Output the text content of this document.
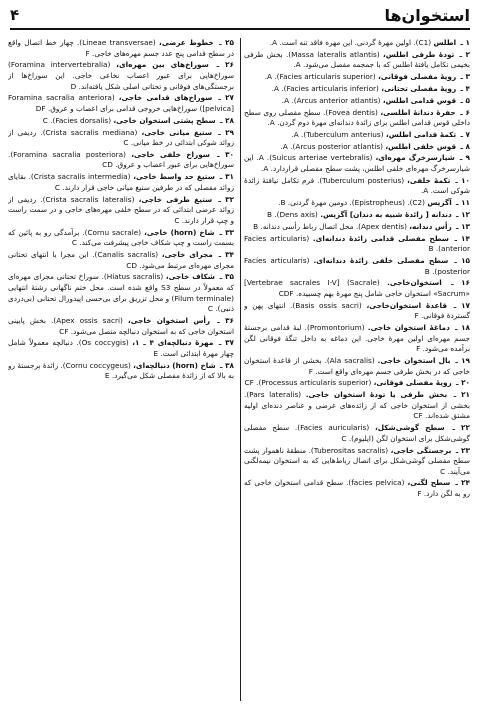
استخوان‌ها
۴

۱ ـ اطلس (C1). اولین مهرهٔ گردنی. این مهره فاقد تنه است. A.

۲ ـ تودهٔ طرفی اطلس، (Massa lateralis atlantis). بخش طرفی بخیمی تکامل یافتهٔ اطلس که با جمجمه مفصل می‌شود. A.

۳ ـ رویهٔ مفصلی فوقانی، (Facies articularis superior). A.

۴ ـ رویهٔ مفصلی تحتانی، (Facies articularis inferior). A.

۵ ـ قوس قدامی اطلس، (Arcus anterior atlantis). A.

۶ ـ حفرهٔ دندانهٔ اطلسی، (Fovea dentis). سطح مفصلی روی سطح داخلی قوس قدامی اطلس برای زائدهٔ دندانه‌ای مهرهٔ دوم گردن. A.

۷ ـ تکمهٔ قدامی اطلس، (Tuberculum anterius). A.

۸ ـ قوس خلفی اطلس، (Arcus posterior atlantis). A.

۹ ـ شیارسرخرگ مهره‌ای، (Sulcus arteriae vertebralis). A. این شیارسرخرگ مهره‌ای خلفی اطلس، پشت سطح مفصلی قراردارد. A.

۱۰ ـ تکمهٔ خلفی، (Tuberculum posterius). فرم تکامل نیافتهٔ زائدهٔ شوکی است. A.

۱۱ ـ آگزیس (C2). (Epistropheus). دومین مهرهٔ گردنی. B.

۱۲ ـ دندانه [ زائدهٔ شبیه به دندان] آگزیس. (Dens axis). B

۱۳ ـ رأس دندانه، (Apex dentis). محل اتصال رباط رأسی دندانه. B

۱۴ ـ سطح مفصلی قدامی زائدهٔ دندانه‌ای. (Facies articularis anterior). B

۱۵ ـ سطح مفصلی خلفی زائدهٔ دندانه‌ای. (Facies articularis posterior). B

۱۶ ـ استخوان‌خاجی. (Sacrale) [Vertebrae sacrales I-V] «Sacrum» استخوان خاجی شامل پنج مهرهٔ بهم چسبیده. CDF

۱۷ ـ قاعدهٔ استخوان‌خاجی، (Basis ossis sacri). انتهای پهن و گستردهٔ فوقانی. F

۱۸ ـ دماغهٔ استخوان خاجی. (Promontorium). لبهٔ قدامی برجستهٔ جسم مهره‌ای اولین مهرهٔ خاجی. این دماغه به داخل تنگهٔ فوقانی لگن برآمده می‌شود. F

۱۹ ـ بال استخوان خاجی. (Ala sacralis). بخشی از قاعدهٔ استخوان خاجی که در بخش طرفی جسم مهره‌ای واقع است. F

۲۰ ـ رویهٔ مفصلی فوقانی، (Processus articularis superior). CF

۲۱ ـ بخش طرفی یا تودهٔ استخوان خاجی. (Pars lateralis). بخشی از استخوان خاجی که از زائده‌های عرضی و عناصر دنده‌ای اولیه مشتق شده‌اند. CF

۲۲ ـ سطح گوشی‌شکل، (Facies auricularis). سطح مفصلی گوشی‌شکل برای استخوان لگن (ایلیوم). C

۲۳ ـ برجستگی خاجی، (Tuberositas sacralis). منطقهٔ ناهموار پشت سطح مفصلی گوشی‌شکل برای اتصال رباط‌هایی که به استخوان نیمه‌لگنی می‌آیند. C

۲۴ ـ سطح لگنی، (facies pelvica). سطح قدامی استخوان خاجی که رو به لگن دارد. F

۲۵ ـ خطوط عرضی، (Lineae transversae). چهار خط اتصال واقع در سطح قدامی پنج عدد جسم مهره‌های خاجی. F

۲۶ ـ سوراخ‌های بین مهره‌ای، (Foramina intervertebralia) سوراخ‌هایی برای عبور اعصاب نخاعی خاجی. این سوراخ‌ها از برجستگی‌های فوقانی و تحتانی اصلی شکل یافته‌اند. D

۲۷ ـ سوراخ‌های قدامی خاجی، (Foramina sacralia anteriora [pelvica]) سوراخ‌هایی خروجی قدامی برای اعصاب و عروق. DF

۲۸ ـ سطح پشتی استخوان خاجی، (Facies dorsalis). C

۲۹ ـ ستیغ میانی خاجی، (Crista sacralis mediana). ردیفی از زوائد شوکی ابتدائی در خط میانی. C

۳۰ ـ سوراخ خلفی خاجی، (Foramina sacralia posteriora). سوراخ‌هایی برای عبور اعصاب و عروق. CD

۳۱ ـ ستیغ حد واسط خاجی، (Crista sacralis intermedia). بقایای زوائد مفصلی که در طرفین ستیغ میانی خاجی قرار دارند. C

۳۲ ـ ستیغ طرفی خاجی، (Crista sacralis lateralis). ردیفی از زوائد عرضی ابتدائی که در سطح خلفی مهره‌های خاجی و در سمت راست و چپ قرار دارند. C

۳۳ ـ شاخ (horn) خاجی، (Cornu sacrale). برآمدگی رو به پائین که بسمت راست و چپ شکاف خاجی پیشرفت می‌کند. C

۳۴ ـ مجرای خاجی، (Canalis sacralis). این مجرا با انتهای تحتانی مجرای مهره‌ای مرتبط می‌شود. CD

۳۵ ـ شکاف خاجی، (Hiatus sacralis). سوراخ تحتانی مجرای مهره‌ای که معمولاً در سطح S3 واقع شده است. محل ختم ناگهانی رشتهٔ انتهایی (Filum terminale) و محل تزریق برای بی‌حسی اپیدورال تحتانی (بی‌دردی ذنبی). C

۳۶ ـ رأس استخوان خاجی، (Apex ossis sacri). بخش پایینی استخوان خاجی که به استخوان دنبالچه متصل می‌شود. CF

۳۷ ـ مهرهٔ دنبالچه‌ای ۴ ـ ۱، (Os coccygis). دنبالچه معمولاً شامل چهار مهرهٔ ابتدائی است. E

۳۸ ـ شاخ (horn) دنبالچه‌ای، (Cornu coccygeus). زائدهٔ برجستهٔ رو به بالا که از زائدهٔ مفصلی شکل می‌گیرد. E
